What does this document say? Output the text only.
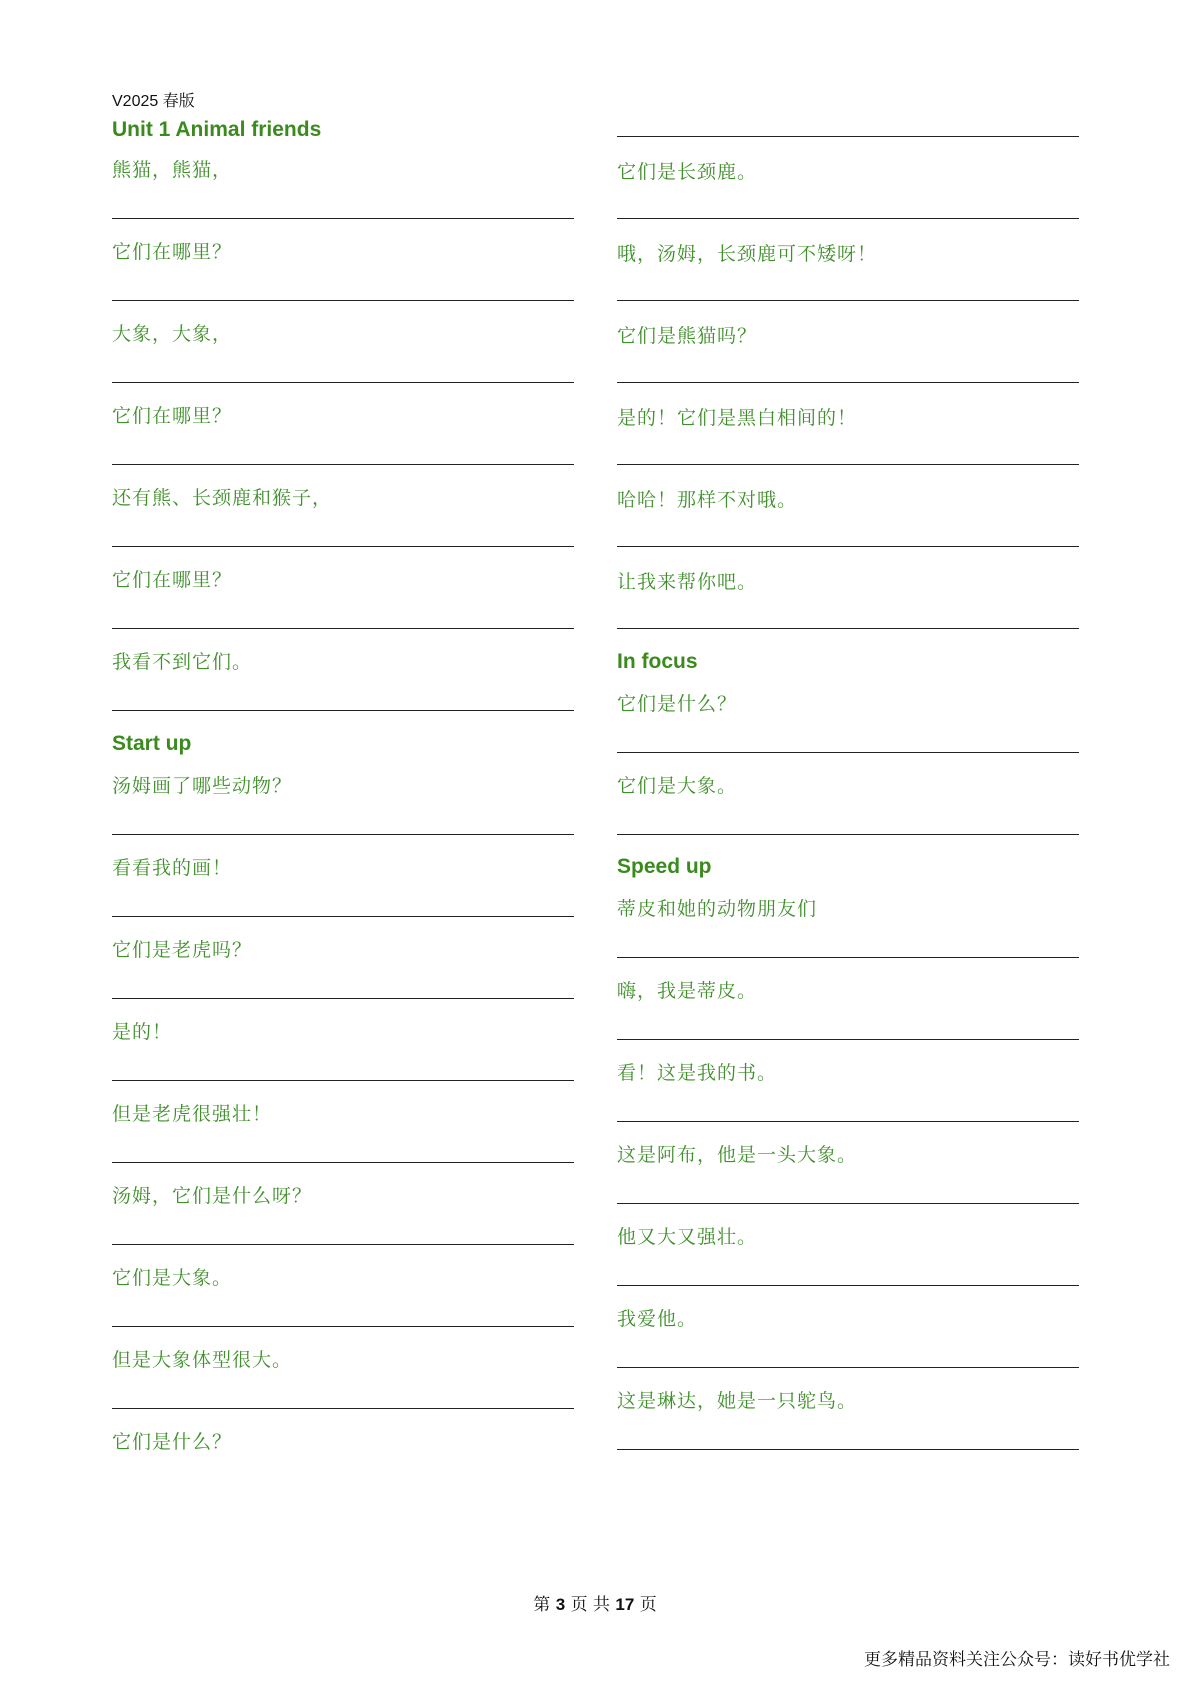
V2025 春版
Unit 1 Animal friends
熊猫，熊猫，
它们在哪里？
大象，大象，
它们在哪里？
还有熊、长颈鹿和猴子，
它们在哪里？
我看不到它们。
Start up
汤姆画了哪些动物？
看看我的画！
它们是老虎吗？
是的！
但是老虎很强壮！
汤姆，它们是什么呀？
它们是大象。
但是大象体型很大。
它们是什么？
它们是长颈鹿。
哦，汤姆，长颈鹿可不矮呀！
它们是熊猫吗？
是的！它们是黑白相间的！
哈哈！那样不对哦。
让我来帮你吧。
In focus
它们是什么？
它们是大象。
Speed up
蒂皮和她的动物朋友们
嗨，我是蒂皮。
看！这是我的书。
这是阿布，他是一头大象。
他又大又强壮。
我爱他。
这是琳达，她是一只鸵鸟。
第 3 页 共 17 页
更多精品资料关注公众号：读好书优学社
